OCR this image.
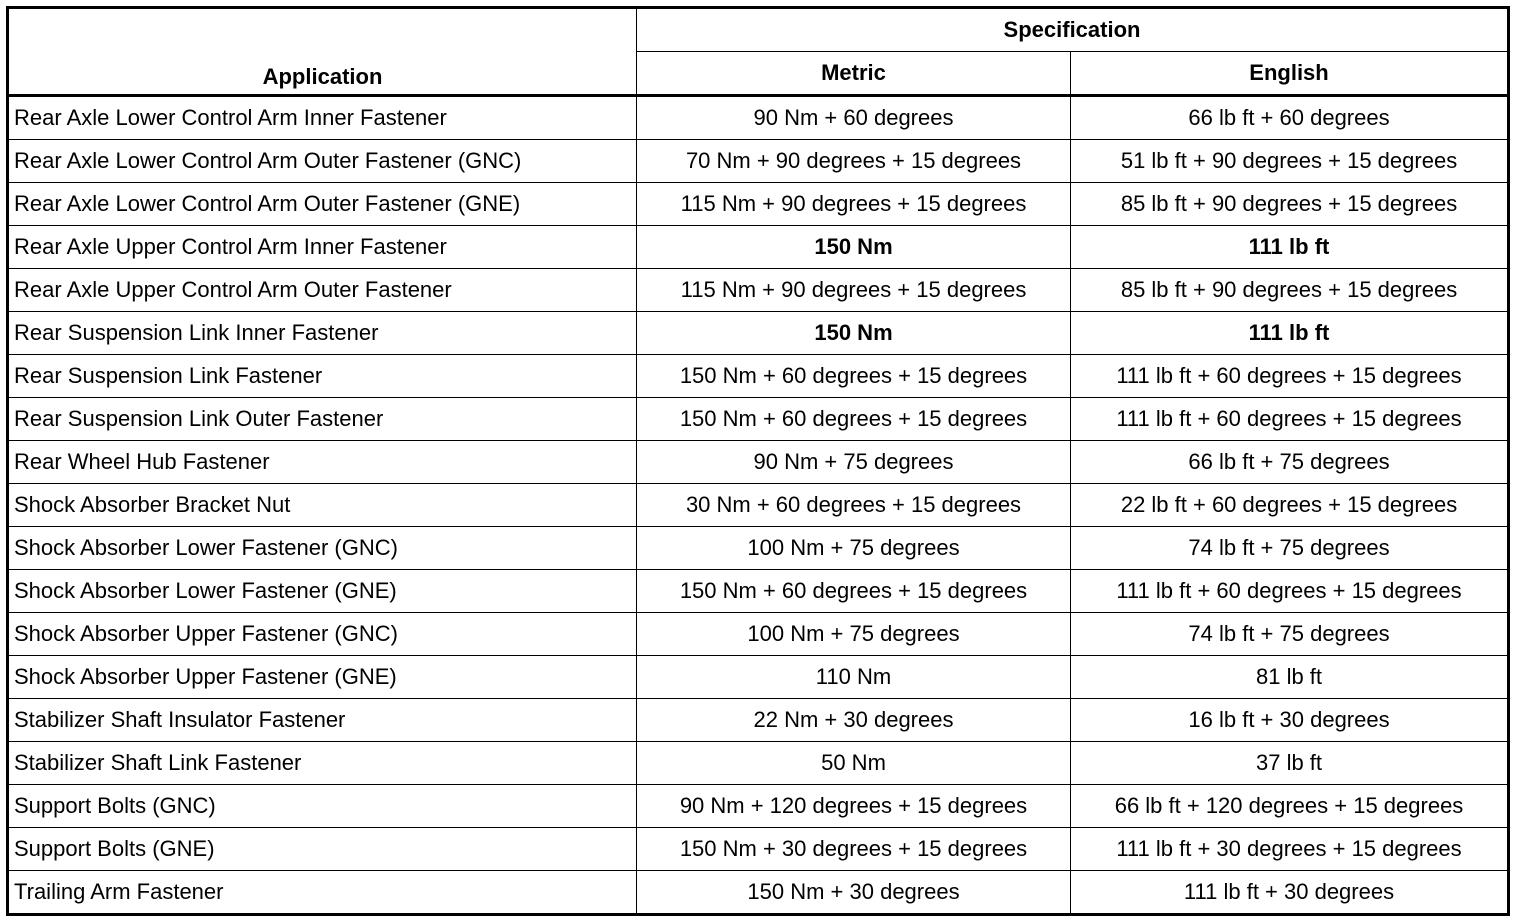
Application	Specification	
	Metric	English
Rear Axle Lower Control Arm Inner Fastener	90 Nm + 60 degrees	66 lb ft + 60 degrees
Rear Axle Lower Control Arm Outer Fastener (GNC)	70 Nm + 90 degrees + 15 degrees	51 lb ft + 90 degrees + 15 degrees
Rear Axle Lower Control Arm Outer Fastener (GNE)	115 Nm + 90 degrees + 15 degrees	85 lb ft + 90 degrees + 15 degrees
Rear Axle Upper Control Arm Inner Fastener	150 Nm	111 lb ft
Rear Axle Upper Control Arm Outer Fastener	115 Nm + 90 degrees + 15 degrees	85 lb ft + 90 degrees + 15 degrees
Rear Suspension Link Inner Fastener	150 Nm	111 lb ft
Rear Suspension Link Fastener	150 Nm + 60 degrees + 15 degrees	111 lb ft + 60 degrees + 15 degrees
Rear Suspension Link Outer Fastener	150 Nm + 60 degrees + 15 degrees	111 lb ft + 60 degrees + 15 degrees
Rear Wheel Hub Fastener	90 Nm + 75 degrees	66 lb ft + 75 degrees
Shock Absorber Bracket Nut	30 Nm + 60 degrees + 15 degrees	22 lb ft + 60 degrees + 15 degrees
Shock Absorber Lower Fastener (GNC)	100 Nm + 75 degrees	74 lb ft + 75 degrees
Shock Absorber Lower Fastener (GNE)	150 Nm + 60 degrees + 15 degrees	111 lb ft + 60 degrees + 15 degrees
Shock Absorber Upper Fastener (GNC)	100 Nm + 75 degrees	74 lb ft + 75 degrees
Shock Absorber Upper Fastener (GNE)	110 Nm	81 lb ft
Stabilizer Shaft Insulator Fastener	22 Nm + 30 degrees	16 lb ft + 30 degrees
Stabilizer Shaft Link Fastener	50 Nm	37 lb ft
Support Bolts (GNC)	90 Nm + 120 degrees + 15 degrees	66 lb ft + 120 degrees + 15 degrees
Support Bolts (GNE)	150 Nm + 30 degrees + 15 degrees	111 lb ft + 30 degrees + 15 degrees
Trailing Arm Fastener	150 Nm + 30 degrees	111 lb ft + 30 degrees
